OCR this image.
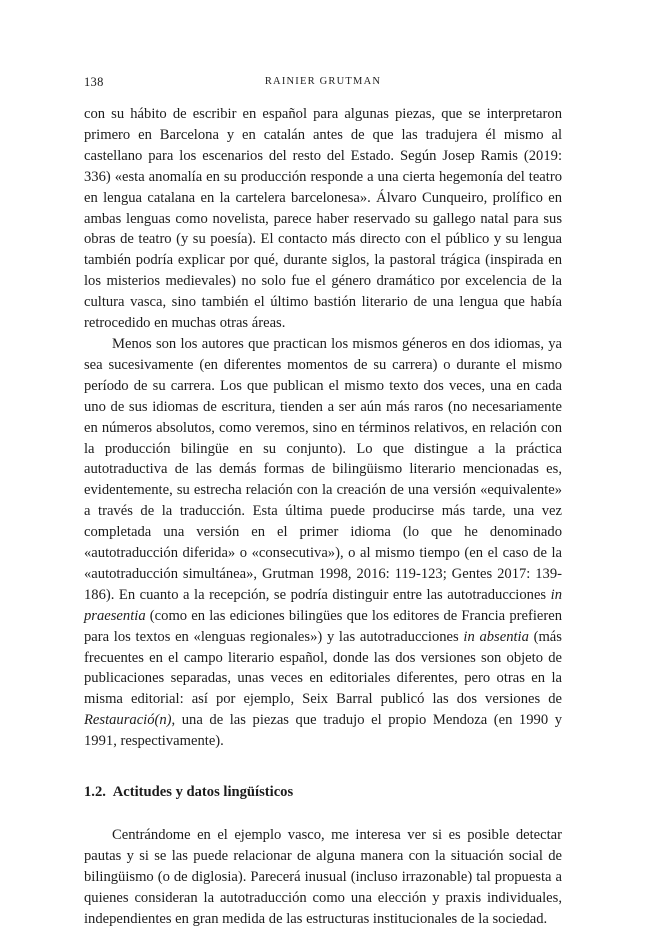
138	RAINIER GRUTMAN

con su hábito de escribir en español para algunas piezas, que se interpretaron primero en Barcelona y en catalán antes de que las tradujera él mismo al castellano para los escenarios del resto del Estado. Según Josep Ramis (2019: 336) «esta anomalía en su producción responde a una cierta hegemonía del teatro en lengua catalana en la cartelera barcelonesa». Álvaro Cunqueiro, prolífico en ambas lenguas como novelista, parece haber reservado su gallego natal para sus obras de teatro (y su poesía). El contacto más directo con el público y su lengua también podría explicar por qué, durante siglos, la pastoral trágica (inspirada en los misterios medievales) no solo fue el género dramático por excelencia de la cultura vasca, sino también el último bastión literario de una lengua que había retrocedido en muchas otras áreas.

Menos son los autores que practican los mismos géneros en dos idiomas, ya sea sucesivamente (en diferentes momentos de su carrera) o durante el mismo período de su carrera. Los que publican el mismo texto dos veces, una en cada uno de sus idiomas de escritura, tienden a ser aún más raros (no necesariamente en números absolutos, como veremos, sino en términos relativos, en relación con la producción bilingüe en su conjunto). Lo que distingue a la práctica autotraductiva de las demás formas de bilingüismo literario mencionadas es, evidentemente, su estrecha relación con la creación de una versión «equivalente» a través de la traducción. Esta última puede producirse más tarde, una vez completada una versión en el primer idioma (lo que he denominado «autotraducción diferida» o «consecutiva»), o al mismo tiempo (en el caso de la «autotraducción simultánea», Grutman 1998, 2016: 119-123; Gentes 2017: 139-186). En cuanto a la recepción, se podría distinguir entre las autotraducciones in praesentia (como en las ediciones bilingües que los editores de Francia prefieren para los textos en «lenguas regionales») y las autotraducciones in absentia (más frecuentes en el campo literario español, donde las dos versiones son objeto de publicaciones separadas, unas veces en editoriales diferentes, pero otras en la misma editorial: así por ejemplo, Seix Barral publicó las dos versiones de Restauració(n), una de las piezas que tradujo el propio Mendoza (en 1990 y 1991, respectivamente).

1.2. Actitudes y datos lingüísticos

Centrándome en el ejemplo vasco, me interesa ver si es posible detectar pautas y si se las puede relacionar de alguna manera con la situación social de bilingüismo (o de diglosia). Parecerá inusual (incluso irrazonable) tal propuesta a quienes consideran la autotraducción como una elección y praxis individuales, independientes en gran medida de las estructuras institucionales de la sociedad.
